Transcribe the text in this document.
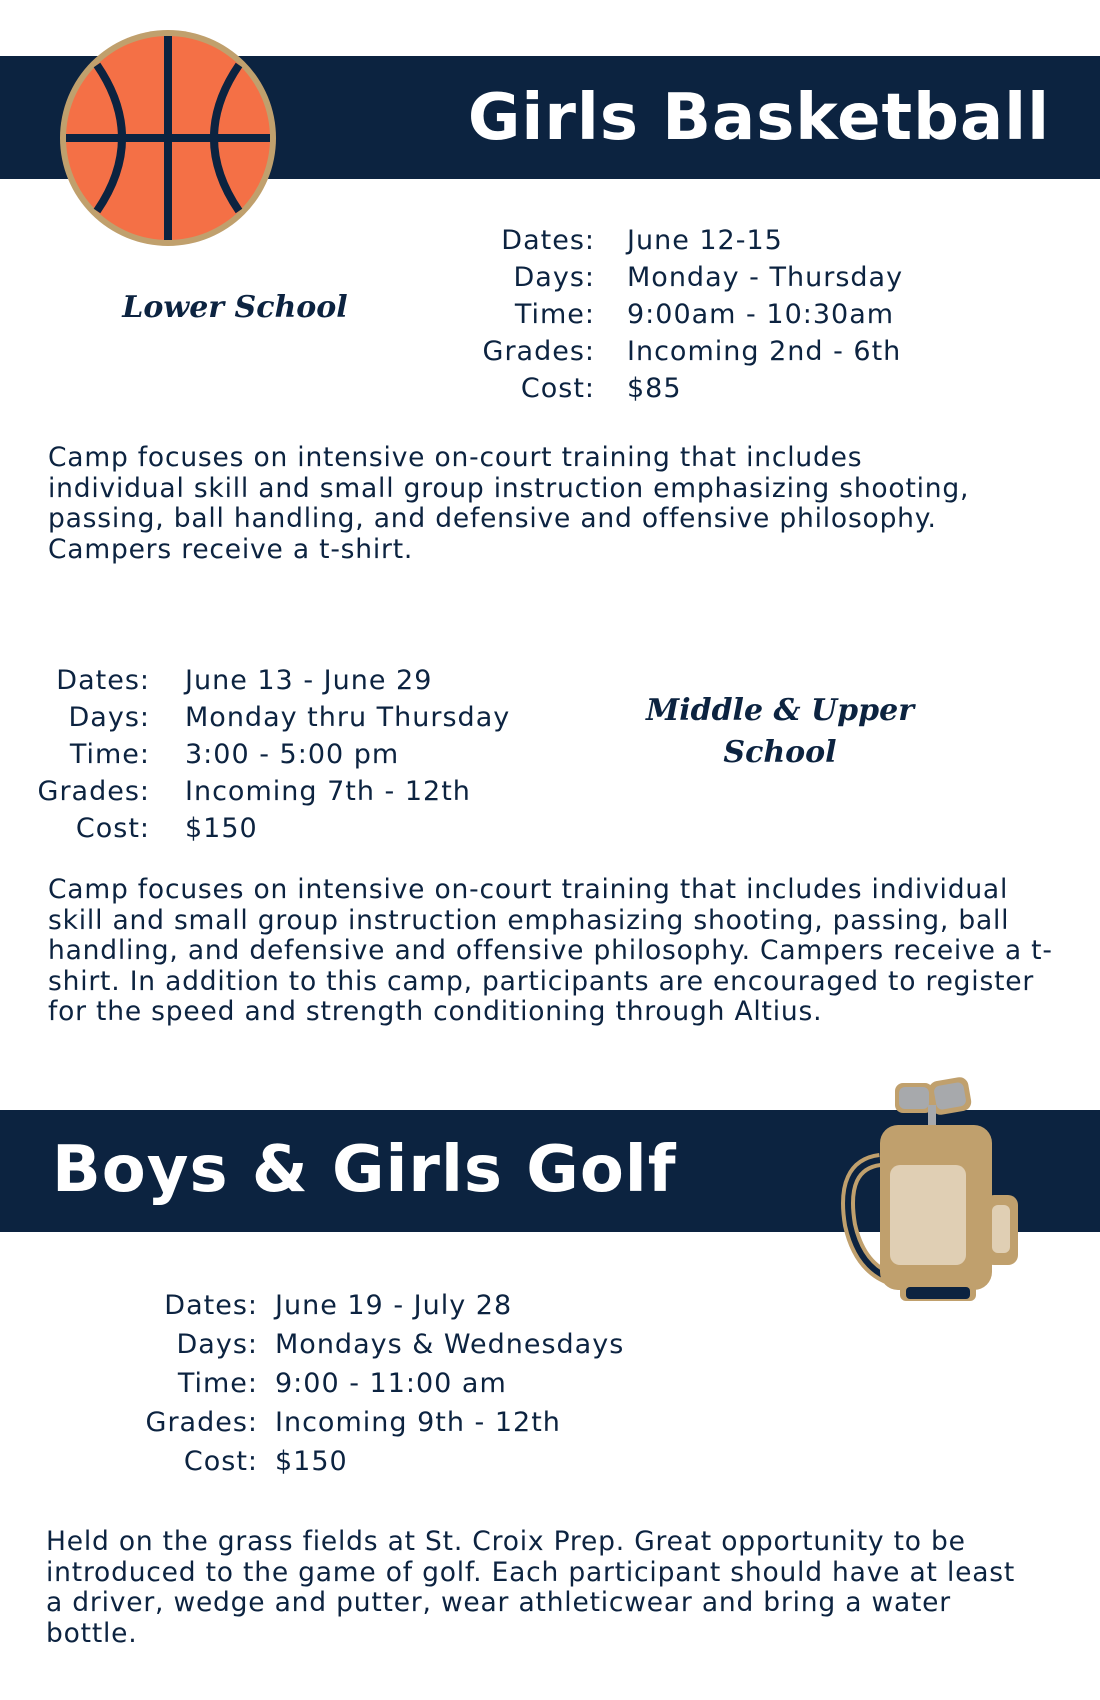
Girls Basketball
Lower School
Dates:	June 12-15
Days:	Monday - Thursday
Time:	9:00am - 10:30am
Grades:	Incoming 2nd - 6th
Cost:	$85
Camp focuses on intensive on-court training that includes individual skill and small group instruction emphasizing shooting, passing, ball handling, and defensive and offensive philosophy. Campers receive a t-shirt.
Dates:	June 13 - June 29
Days:	Monday thru Thursday
Time:	3:00 - 5:00 pm
Grades:	Incoming 7th - 12th
Cost:	$150
Middle & Upper
School
Camp focuses on intensive on-court training that includes individual skill and small group instruction emphasizing shooting, passing, ball handling, and defensive and offensive philosophy. Campers receive a t-shirt. In addition to this camp, participants are encouraged to register for the speed and strength conditioning through Altius.
Boys & Girls Golf
Dates: June 19 - July 28
Days: Mondays & Wednesdays
Time: 9:00 - 11:00 am
Grades: Incoming 9th - 12th
Cost: $150
Held on the grass fields at St. Croix Prep. Great opportunity to be introduced to the game of golf. Each participant should have at least a driver, wedge and putter, wear athleticwear and bring a water bottle.
